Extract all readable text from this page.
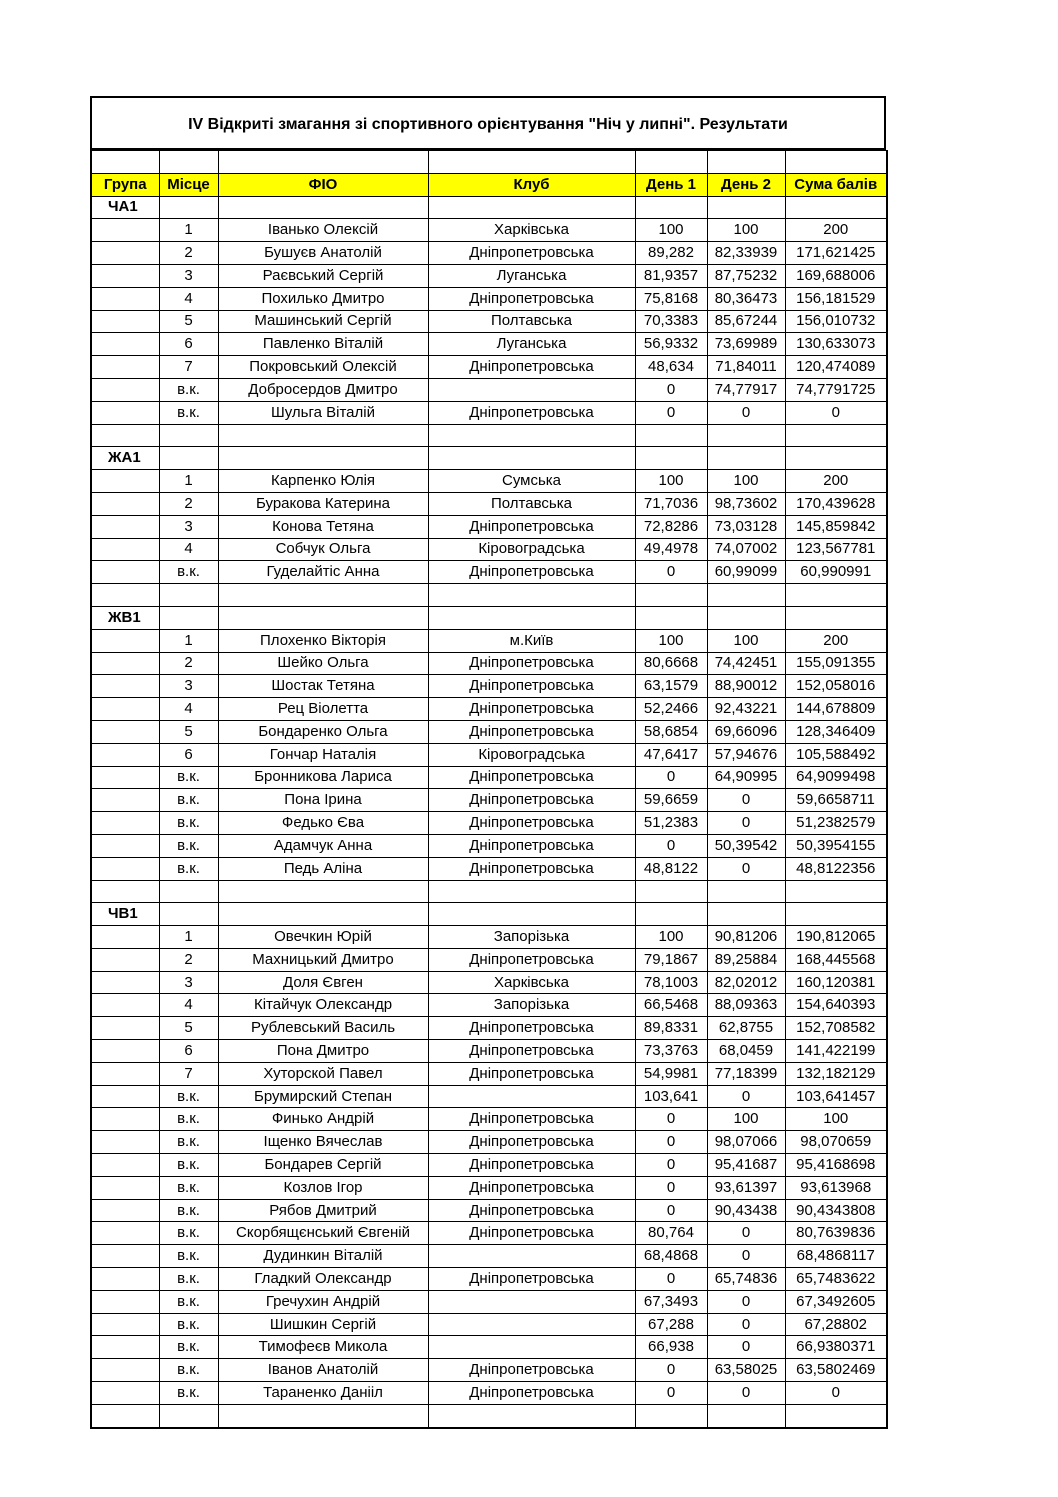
IV Відкриті змагання зі спортивного орієнтування "Ніч у липні". Результати

Група	Місце	ФІО	Клуб	День 1	День 2	Сума балів
ЧА1						
	1	Іванько Олексій	Харківська	100	100	200
	2	Бушуєв Анатолій	Дніпропетровська	89,282	82,33939	171,621425
	3	Раєвський Сергій	Луганська	81,9357	87,75232	169,688006
	4	Похилько Дмитро	Дніпропетровська	75,8168	80,36473	156,181529
	5	Машинський Сергій	Полтавська	70,3383	85,67244	156,010732
	6	Павленко Віталій	Луганська	56,9332	73,69989	130,633073
	7	Покровський Олексій	Дніпропетровська	48,634	71,84011	120,474089
	в.к.	Добросердов Дмитро		0	74,77917	74,7791725
	в.к.	Шульга Віталій	Дніпропетровська	0	0	0

ЖА1						
	1	Карпенко Юлія	Сумська	100	100	200
	2	Буракова Катерина	Полтавська	71,7036	98,73602	170,439628
	3	Конова Тетяна	Дніпропетровська	72,8286	73,03128	145,859842
	4	Собчук Ольга	Кіровоградська	49,4978	74,07002	123,567781
	в.к.	Гуделайтіс Анна	Дніпропетровська	0	60,99099	60,990991

ЖВ1						
	1	Плохенко Вікторія	м.Київ	100	100	200
	2	Шейко Ольга	Дніпропетровська	80,6668	74,42451	155,091355
	3	Шостак Тетяна	Дніпропетровська	63,1579	88,90012	152,058016
	4	Рец Віолетта	Дніпропетровська	52,2466	92,43221	144,678809
	5	Бондаренко Ольга	Дніпропетровська	58,6854	69,66096	128,346409
	6	Гончар Наталія	Кіровоградська	47,6417	57,94676	105,588492
	в.к.	Бронникова Лариса	Дніпропетровська	0	64,90995	64,9099498
	в.к.	Пона Ірина	Дніпропетровська	59,6659	0	59,6658711
	в.к.	Федько Єва	Дніпропетровська	51,2383	0	51,2382579
	в.к.	Адамчук Анна	Дніпропетровська	0	50,39542	50,3954155
	в.к.	Педь Аліна	Дніпропетровська	48,8122	0	48,8122356

ЧВ1						
	1	Овечкин Юрій	Запорізька	100	90,81206	190,812065
	2	Махницький Дмитро	Дніпропетровська	79,1867	89,25884	168,445568
	3	Доля Євген	Харківська	78,1003	82,02012	160,120381
	4	Кітайчук Олександр	Запорізька	66,5468	88,09363	154,640393
	5	Рублевський Василь	Дніпропетровська	89,8331	62,8755	152,708582
	6	Пона Дмитро	Дніпропетровська	73,3763	68,0459	141,422199
	7	Хуторской Павел	Дніпропетровська	54,9981	77,18399	132,182129
	в.к.	Брумирский Степан		103,641	0	103,641457
	в.к.	Финько Андрій	Дніпропетровська	0	100	100
	в.к.	Іщенко Вячеслав	Дніпропетровська	0	98,07066	98,070659
	в.к.	Бондарев Сергій	Дніпропетровська	0	95,41687	95,4168698
	в.к.	Козлов Ігор	Дніпропетровська	0	93,61397	93,613968
	в.к.	Рябов Дмитрий	Дніпропетровська	0	90,43438	90,4343808
	в.к.	Скорбящєнський Євгеній	Дніпропетровська	80,764	0	80,7639836
	в.к.	Дудинкин Віталій		68,4868	0	68,4868117
	в.к.	Гладкий Олександр	Дніпропетровська	0	65,74836	65,7483622
	в.к.	Гречухин Андрій		67,3493	0	67,3492605
	в.к.	Шишкин Сергій		67,288	0	67,28802
	в.к.	Тимофеєв Микола		66,938	0	66,9380371
	в.к.	Іванов Анатолій	Дніпропетровська	0	63,58025	63,5802469
	в.к.	Тараненко Данііл	Дніпропетровська	0	0	0
